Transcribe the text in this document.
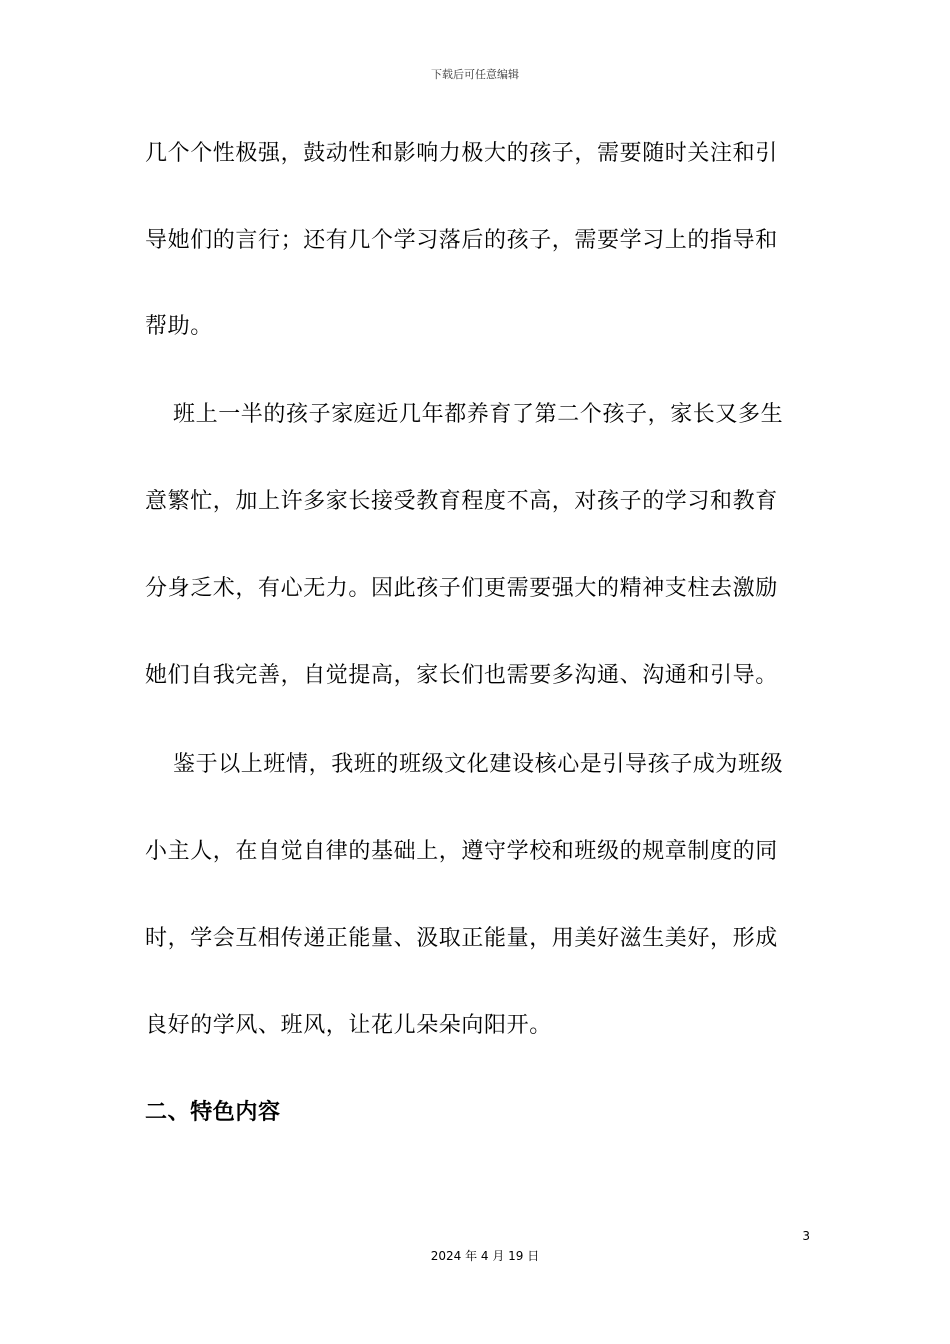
下载后可任意编辑
几个个性极强，鼓动性和影响力极大的孩子，需要随时关注和引
导她们的言行；还有几个学习落后的孩子，需要学习上的指导和
帮助。
班上一半的孩子家庭近几年都养育了第二个孩子，家长又多生
意繁忙，加上许多家长接受教育程度不高，对孩子的学习和教育
分身乏术，有心无力。因此孩子们更需要强大的精神支柱去激励
她们自我完善，自觉提高，家长们也需要多沟通、沟通和引导。
鉴于以上班情，我班的班级文化建设核心是引导孩子成为班级
小主人，在自觉自律的基础上，遵守学校和班级的规章制度的同
时，学会互相传递正能量、汲取正能量，用美好滋生美好，形成
良好的学风、班风，让花儿朵朵向阳开。
二、特色内容
3
2024 年 4 月 19 日
